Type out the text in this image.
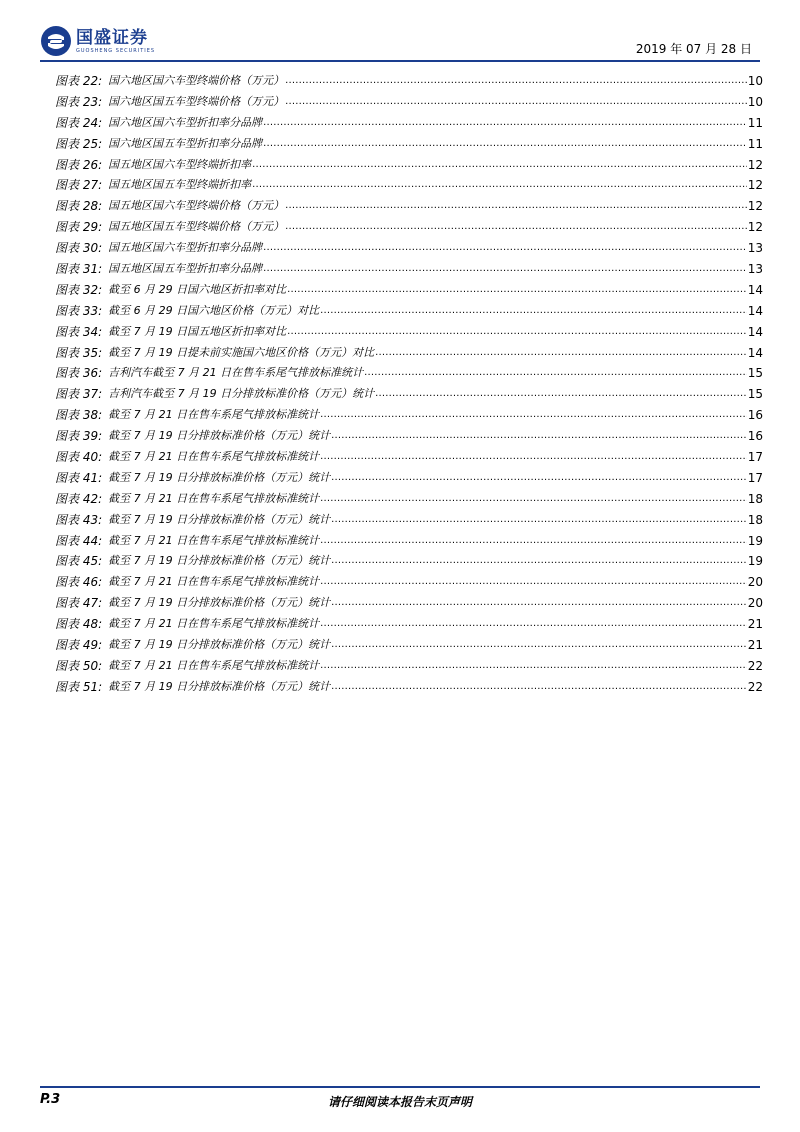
国盛证券
GUOSHENG SECURITIES	2019 年 07 月 28 日
图表 22: 国六地区国六车型终端价格（万元） .....	10
图表 23: 国六地区国五车型终端价格（万元） .....	10
图表 24: 国六地区国六车型折扣率分品牌 .....	11
图表 25: 国六地区国五车型折扣率分品牌 .....	11
图表 26: 国五地区国六车型终端折扣率 .....	12
图表 27: 国五地区国五车型终端折扣率 .....	12
图表 28: 国五地区国六车型终端价格（万元） .....	12
图表 29: 国五地区国五车型终端价格（万元） .....	12
图表 30: 国五地区国六车型折扣率分品牌 .....	13
图表 31: 国五地区国五车型折扣率分品牌 .....	13
图表 32: 截至 6 月 29 日国六地区折扣率对比 .....	14
图表 33: 截至 6 月 29 日国六地区价格（万元）对比 .....	14
图表 34: 截至 7 月 19 日国五地区折扣率对比 .....	14
图表 35: 截至 7 月 19 日提未前实施国六地区价格（万元）对比 .....	14
图表 36: 吉利汽车截至 7 月 21 日在售车系尾气排放标准统计 .....	15
图表 37: 吉利汽车截至 7 月 19 日分排放标准价格（万元）统计 .....	15
图表 38: 截至 7 月 21 日在售车系尾气排放标准统计 .....	16
图表 39: 截至 7 月 19 日分排放标准价格（万元）统计 .....	16
图表 40: 截至 7 月 21 日在售车系尾气排放标准统计 .....	17
图表 41: 截至 7 月 19 日分排放标准价格（万元）统计 .....	17
图表 42: 截至 7 月 21 日在售车系尾气排放标准统计 .....	18
图表 43: 截至 7 月 19 日分排放标准价格（万元）统计 .....	18
图表 44: 截至 7 月 21 日在售车系尾气排放标准统计 .....	19
图表 45: 截至 7 月 19 日分排放标准价格（万元）统计 .....	19
图表 46: 截至 7 月 21 日在售车系尾气排放标准统计 .....	20
图表 47: 截至 7 月 19 日分排放标准价格（万元）统计 .....	20
图表 48: 截至 7 月 21 日在售车系尾气排放标准统计 .....	21
图表 49: 截至 7 月 19 日分排放标准价格（万元）统计 .....	21
图表 50: 截至 7 月 21 日在售车系尾气排放标准统计 .....	22
图表 51: 截至 7 月 19 日分排放标准价格（万元）统计 .....	22
P.3	请仔细阅读本报告末页声明
